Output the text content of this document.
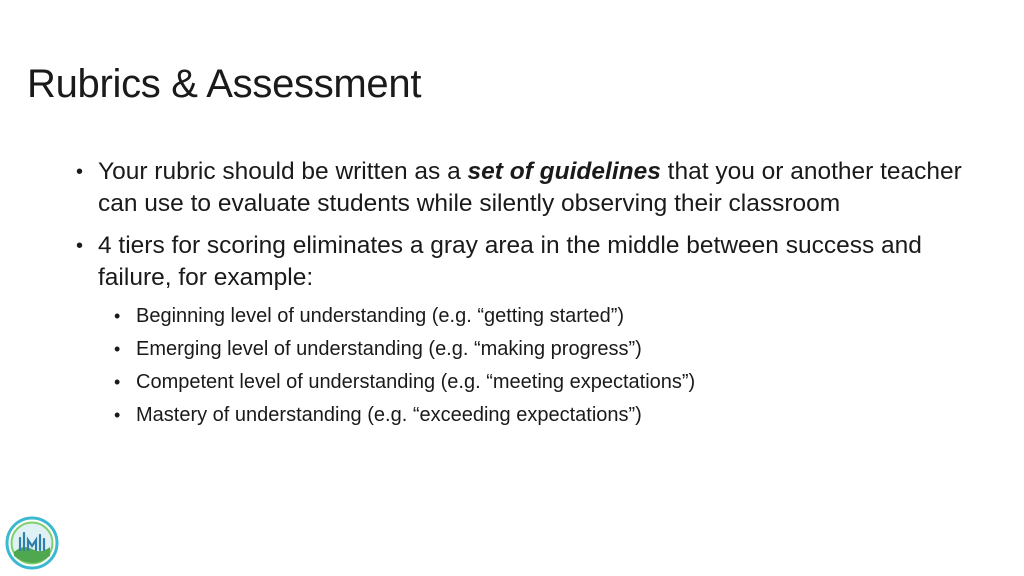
Rubrics & Assessment
• Your rubric should be written as a set of guidelines that you or another teacher can use to evaluate students while silently observing their classroom
• 4 tiers for scoring eliminates a gray area in the middle between success and failure, for example:
• Beginning level of understanding (e.g. “getting started”)
• Emerging level of understanding (e.g. “making progress”)
• Competent level of understanding (e.g. “meeting expectations”)
• Mastery of understanding (e.g. “exceeding expectations”)
